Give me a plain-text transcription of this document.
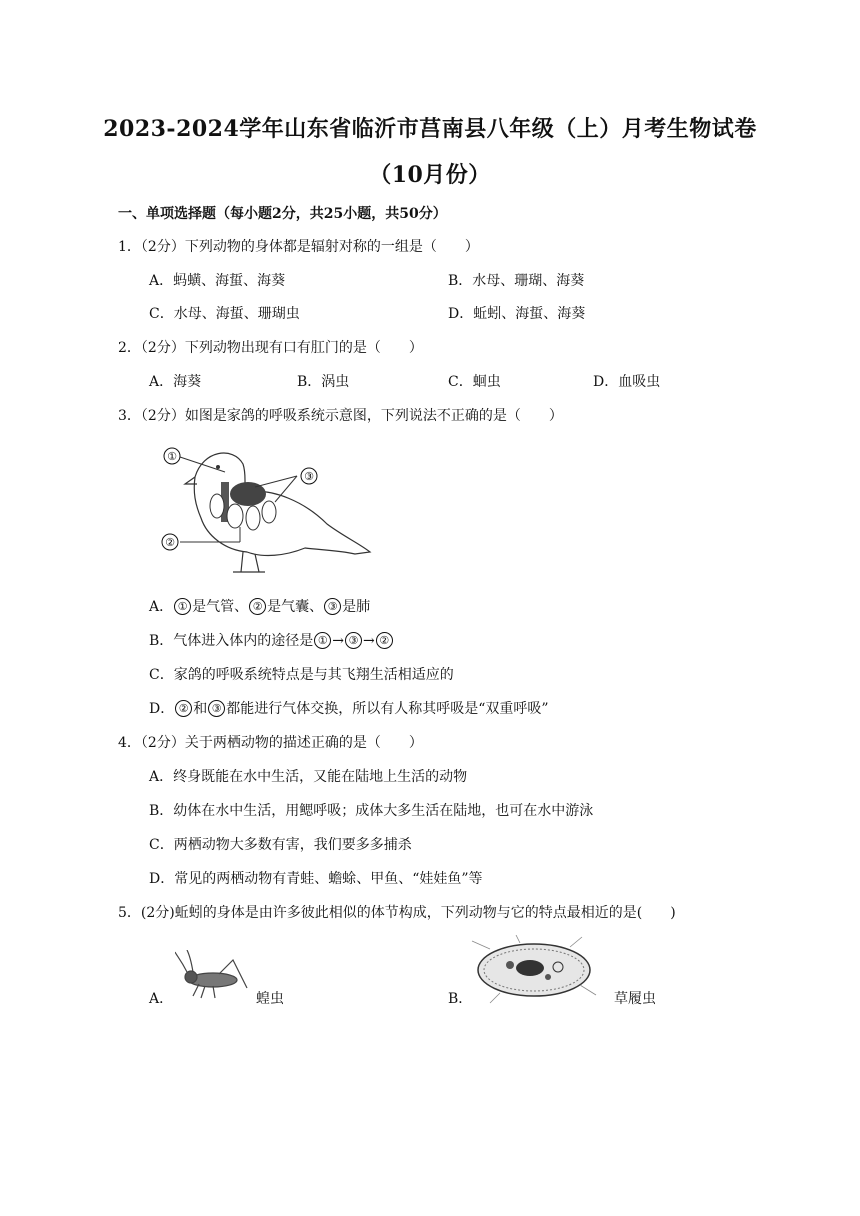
2023-2024学年山东省临沂市莒南县八年级（上）月考生物试卷
（10月份）
一、单项选择题（每小题2分，共25小题，共50分）
1．（2分）下列动物的身体都是辐射对称的一组是（　　）
A．蚂蟥、海蜇、海葵	B．水母、珊瑚、海葵
C．水母、海蜇、珊瑚虫	D．蚯蚓、海蜇、海葵
2．（2分）下列动物出现有口有肛门的是（　　）
A．海葵	B．涡虫	C．蛔虫	D．血吸虫
3．（2分）如图是家鸽的呼吸系统示意图，下列说法不正确的是（　　）
①
②
③
A． ① 是气管、 ② 是气囊、 ③ 是肺
B．气体进入体内的途径是 ① → ③ → ②
C．家鸽的呼吸系统特点是与其飞翔生活相适应的
D． ② 和 ③ 都能进行气体交换，所以有人称其呼吸是“双重呼吸”
4．（2分）关于两栖动物的描述正确的是（　　）
A．终身既能在水中生活，又能在陆地上生活的动物
B．幼体在水中生活，用鳃呼吸；成体大多生活在陆地，也可在水中游泳
C．两栖动物大多数有害，我们要多多捕杀
D．常见的两栖动物有青蛙、蟾蜍、甲鱼、“娃娃鱼”等
5．(2分)蚯蚓的身体是由许多彼此相似的体节构成，下列动物与它的特点最相近的是(　　)
A．	蝗虫	B．	草履虫
